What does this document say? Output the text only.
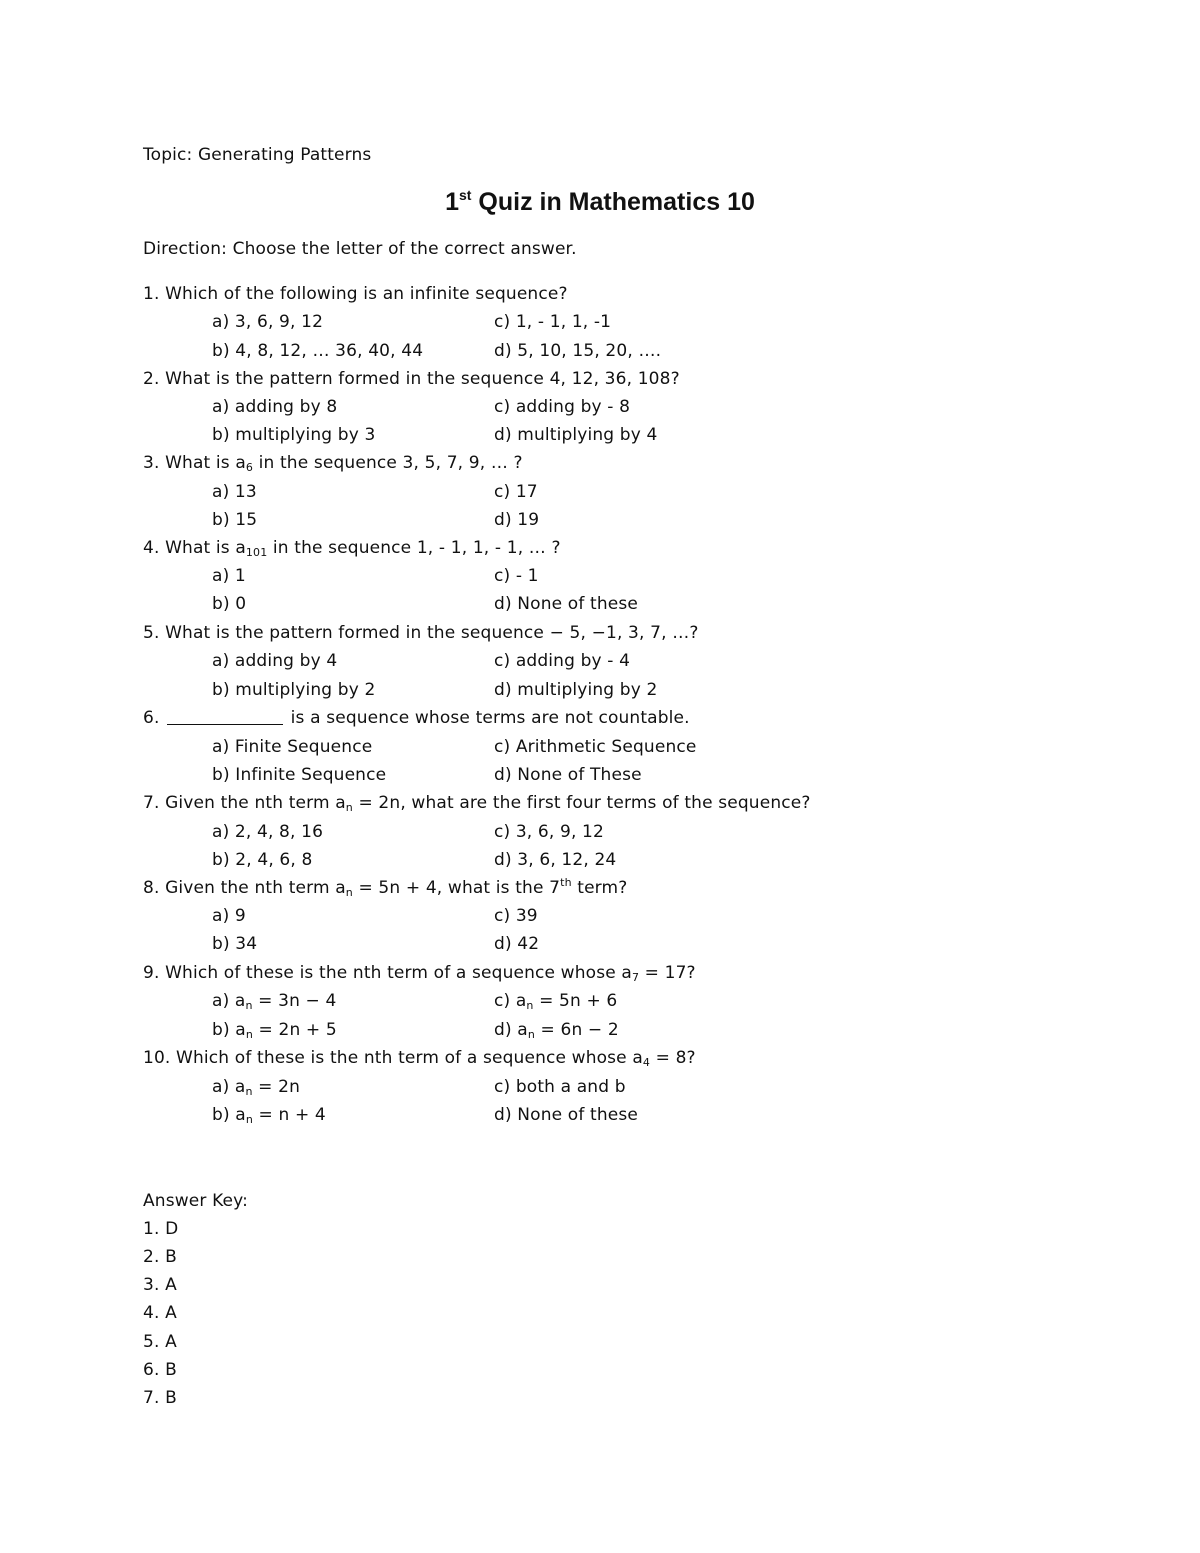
Topic: Generating Patterns
1st Quiz in Mathematics 10
Direction: Choose the letter of the correct answer.
1. Which of the following is an infinite sequence?
a) 3, 6, 9, 12	c) 1, - 1, 1, -1
b) 4, 8, 12, … 36, 40, 44	d) 5, 10, 15, 20, ….
2. What is the pattern formed in the sequence 4, 12, 36, 108?
a) adding by 8	c) adding by - 8
b) multiplying by 3	d) multiplying by 4
3. What is $a_6$ in the sequence 3, 5, 7, 9, … ?
a) 13	c) 17
b) 15	d) 19
4. What is $a_{101}$ in the sequence 1, - 1, 1, - 1, … ?
a) 1	c) - 1
b) 0	d) None of these
5. What is the pattern formed in the sequence − 5, −1, 3, 7, …?
a) adding by 4	c) adding by - 4
b) multiplying by 2	d) multiplying by 2
6.	is a sequence whose terms are not countable.
a) Finite Sequence	c) Arithmetic Sequence
b) Infinite Sequence	d) None of These
7. Given the nth term $a_n = 2n$, what are the first four terms of the sequence?
a) 2, 4, 8, 16	c) 3, 6, 9, 12
b) 2, 4, 6, 8	d) 3, 6, 12, 24
8. Given the nth term $a_n = 5n + 4$, what is the 7th term?
a) 9	c) 39
b) 34	d) 42
9. Which of these is the nth term of a sequence whose $a_7 = 17$?
a) $a_n = 3n - 4$	c) $a_n = 5n + 6$
b) $a_n = 2n + 5$	d) $a_n = 6n - 2$
10. Which of these is the nth term of a sequence whose $a_4 = 8$?
a) $a_n = 2n$	c) both a and b
b) $a_n = n + 4$	d) None of these
Answer Key:
1. D
2. B
3. A
4. A
5. A
6. B
7. B
